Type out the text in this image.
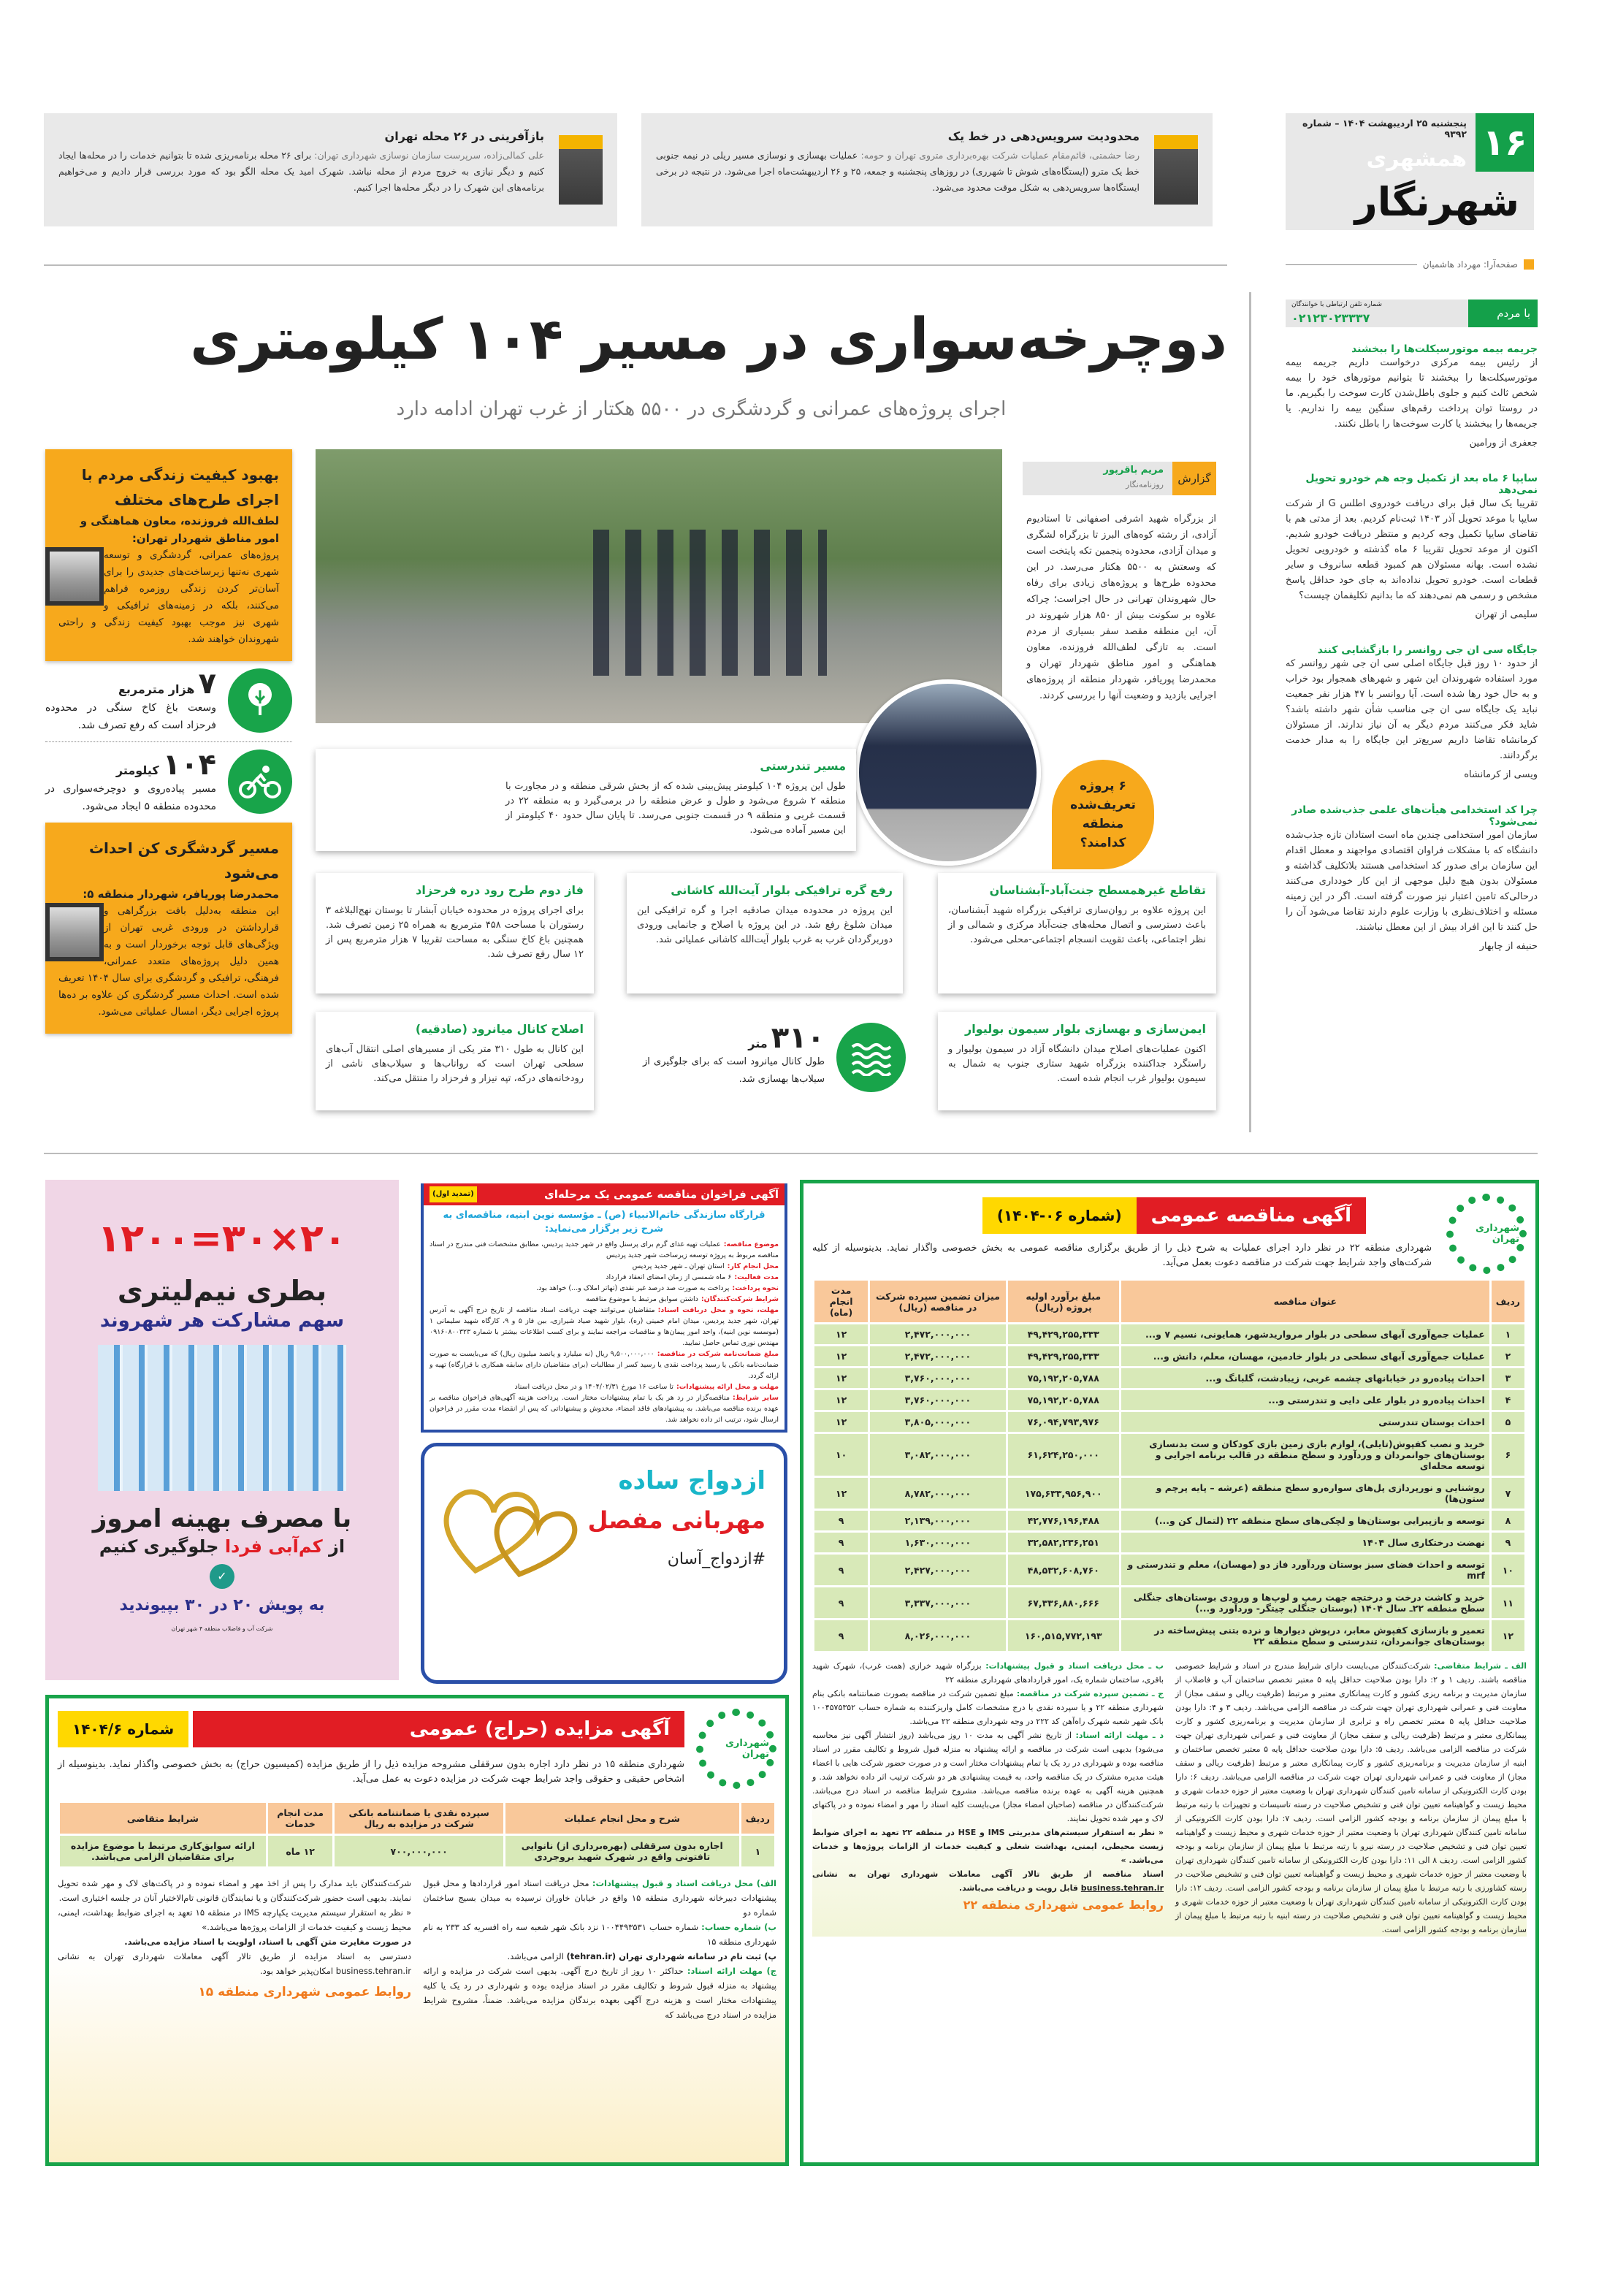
۱۶
پنجشنبه ۲۵ اردیبهشت ۱۴۰۴ – شماره ۹۳۹۲
همشهری
شهرنگار
صفحه‌آرا: مهرداد هاشمیان
محدودیت سرویس‌دهی در خط یک
رضا حشمتی، قائم‌مقام عملیات شرکت بهره‌برداری متروی تهران و حومه: عملیات بهسازی و نوسازی مسیر ریلی در نیمه جنوبی خط یک مترو (ایستگاه‌های شوش تا شهرری) در روزهای پنجشنبه و جمعه، ۲۵ و ۲۶ اردیبهشت‌ماه اجرا می‌شود. در نتیجه در برخی ایستگاه‌ها سرویس‌دهی به شکل موقت محدود می‌شود.
بازآفرینی در ۲۶ محله تهران
علی کمالی‌زاده، سرپرست سازمان نوسازی شهرداری تهران: برای ۲۶ محله برنامه‌ریزی شده تا بتوانیم خدمات را در محله‌ها ایجاد کنیم و دیگر نیازی به خروج مردم از محله نباشد. شهرک امید یک محله الگو بود که مورد بررسی قرار دادیم و می‌خواهیم برنامه‌های این شهرک را در دیگر محله‌ها اجرا کنیم.
دوچرخه‌سواری در مسیر ۱۰۴ کیلومتری
اجرای پروژه‌های عمرانی و گردشگری در ۵۵۰۰ هکتار از غرب تهران ادامه دارد
با مردم
شماره تلفن ارتباطی با خوانندگان
۰۲۱۲۳۰۲۳۳۳۷
جریمه بیمه موتورسیکلت‌ها را ببخشند
از رئیس بیمه مرکزی درخواست داریم جریمه بیمه موتورسیکلت‌ها را ببخشند تا بتوانیم موتورهای خود را بیمه شخص ثالث کنیم و جلوی باطل‌شدن کارت سوخت را بگیریم. ما در روستا توان پرداخت رقم‌های سنگین بیمه را نداریم. یا جریمه‌ها را ببخشند یا کارت سوخت‌ها را باطل نکنند.
جعفری از ورامین
سایپا ۶ ماه بعد از تکمیل وجه هم خودرو تحویل نمی‌دهد
تقریبا یک سال قبل برای دریافت خودروی اطلس G از شرکت سایپا با موعد تحویل آذر ۱۴۰۳ ثبت‌نام کردیم. بعد از مدتی هم با تقاضای سایپا تکمیل وجه کردیم و منتظر دریافت خودرو شدیم. اکنون از موعد تحویل تقریبا ۶ ماه گذشته و خودرویی تحویل نشده است. بهانه مسئولان هم کمبود قطعه سانروف و سایر قطعات است. خودرو تحویل نداده‌اند به جای خود حداقل پاسخ مشخص و رسمی هم نمی‌دهند که ما بدانیم تکلیفمان چیست؟
سلیمی از تهران
جایگاه سی ان جی روانسر را بازگشایی کنند
از حدود ۱۰ روز قبل جایگاه اصلی سی ان جی شهر روانسر که مورد استفاده شهروندان این شهر و شهرهای همجوار بود خراب و به حال خود رها شده است. آیا روانسر با ۴۷ هزار نفر جمعیت نباید یک جایگاه سی ان جی مناسب شأن شهر داشته باشد؟ شاید فکر می‌کنند مردم دیگر به آن نیاز ندارند. از مسئولان کرمانشاه تقاضا داریم سریع‌تر این جایگاه را به مدار خدمت برگردانند.
ویسی از کرمانشاه
چرا کد استخدامی هیأت‌های علمی جذب‌شده صادر نمی‌شود؟
سازمان امور استخدامی چندین ماه است استادان تازه جذب‌شده دانشگاه که با مشکلات فراوان اقتصادی مواجهند و معطل اقدام این سازمان برای صدور کد استخدامی هستند بلاتکلیف گذاشته و مسئولان بدون هیچ دلیل موجهی از این کار خودداری می‌کنند درحالی‌که تامین اعتبار نیز صورت گرفته است. اگر در این زمینه مسئله و اختلاف‌نظری با وزارت علوم دارند تقاضا می‌شود آن را حل کنند تا این افراد بیش از این معطل نباشند.
حنیفه از چابهار
بهبود کیفیت زندگی مردم با اجرای طرح‌های مختلف
لطف‌الله فروزنده، معاون هماهنگی و امور مناطق شهردار تهران:
پروژه‌های عمرانی، گردشگری و توسعه شهری نه‌تنها زیرساخت‌های جدیدی را برای آسان‌تر کردن زندگی روزمره فراهم می‌کنند، بلکه در زمینه‌های ترافیکی و شهری نیز موجب بهبود کیفیت زندگی و راحتی شهروندان خواهند شد.
۷ هزار مترمربع
وسعت باغ کاخ سنگی در محدوده فرحزاد است که رفع تصرف شد.
۱۰۴ کیلومتر
مسیر پیاده‌روی و دوچرخه‌سواری در محدوده منطقه ۵ ایجاد می‌شود.
مسیر گردشگری کن احداث می‌شود
محمدرضا پوریافر، شهردار منطقه ۵:
این منطقه به‌دلیل بافت بزرگراهی و قرارداشتن در ورودی غربی تهران از ویژگی‌های قابل توجه برخوردار است و به همین دلیل پروژه‌های متعدد عمرانی، فرهنگی، ترافیکی و گردشگری برای سال ۱۴۰۴ تعریف شده است. احداث مسیر گردشگری کن علاوه بر ده‌ها پروژه اجرایی دیگر، امسال عملیاتی می‌شود.
۶ پروژه تعریف‌شده منطقه کدامند؟
گزارش
مریم باقرپور
روزنامه‌نگار
از بزرگراه شهید اشرفی اصفهانی تا استادیوم آزادی، از رشته کوه‌های البرز تا بزرگراه لشگری و میدان آزادی، محدوده پنجمین تکه پایتخت است که وسعتش به ۵۵۰۰ هکتار می‌رسد. در این محدوده طرح‌ها و پروژه‌های زیادی برای رفاه حال شهروندان تهرانی در حال اجراست؛ چراکه علاوه بر سکونت بیش از ۸۵۰ هزار شهروند در آن، این منطقه مقصد سفر بسیاری از مردم است. به تازگی لطف‌الله فروزنده، معاون هماهنگی و امور مناطق شهردار تهران و محمدرضا پوریافر، شهردار منطقه از پروژه‌های اجرایی بازدید و وضعیت آنها را بررسی کردند.
مسیر تندرستی
طول این پروژه ۱۰۴ کیلومتر پیش‌بینی شده که از بخش شرقی منطقه و در مجاورت با منطقه ۲ شروع می‌شود و طول و عرض منطقه را در برمی‌گیرد و به منطقه ۲۲ در قسمت غربی و منطقه ۹ در قسمت جنوبی می‌رسد. تا پایان سال حدود ۴۰ کیلومتر از این مسیر آماده می‌شود.
تقاطع غیرهمسطح جنت‌آباد-آبشناسان
این پروژه علاوه بر روان‌سازی ترافیکی بزرگراه شهید آبشناسان، باعث دسترسی و اتصال محله‌های جنت‌آباد مرکزی و شمالی و از نظر اجتماعی، باعث تقویت انسجام اجتماعی-محلی می‌شود.
رفع گره ترافیکی بلوار آیت‌الله کاشانی
این پروژه در محدوده میدان صادقیه اجرا و گره ترافیکی این میدان شلوغ رفع شد. در این پروژه با اصلاح و جانمایی ورودی دوربرگردان غرب به غرب بلوار آیت‌الله کاشانی عملیاتی شد.
فاز دوم طرح رود دره فرحزاد
برای اجرای پروژه در محدوده خیابان آبشار تا بوستان نهج‌البلاغه ۳ رستوران با مساحت ۴۵۸ مترمربع به همراه ۲۵ زمین تصرف شد. همچنین باغ کاخ سنگی به مساحت تقریبا ۷ هزار مترمربع پس از ۱۲ سال رفع تصرف شد.
ایمن‌سازی و بهسازی بلوار سیمون بولیوار
اکنون عملیات‌های اصلاح میدان دانشگاه آزاد در سیمون بولیوار و راستگرد جداکننده بزرگراه شهید ستاری جنوب به شمال به سیمون بولیوار غرب انجام شده است.
اصلاح کانال میانرود (صادقیه)
این کانال به طول ۳۱۰ متر یکی از مسیرهای اصلی انتقال آب‌های سطحی تهران است که رواناب‌ها و سیلاب‌های ناشی از رودخانه‌های درکه، تپه نیزار و فرحزاد را منتقل می‌کند.
۳۱۰ متر
طول کانال میانرود است که برای جلوگیری از سیلاب‌ها بهسازی شد.
شهرداری تهران
آگهی مناقصه عمومی
(شماره ۰۶-۱۴۰۴)
شهرداری منطقه ۲۲ در نظر دارد اجرای عملیات به شرح ذیل را از طریق برگزاری مناقصه عمومی به بخش خصوصی واگذار نماید. بدینوسیله از کلیه شرکت‌های واجد شرایط جهت شرکت در مناقصه دعوت بعمل می‌آید.
ردیف	عنوان مناقصه	مبلغ برآورد اولیه پروژه (ریال)	میزان تضمین سپرده شرکت در مناقصه (ریال)	مدت انجام (ماه)
۱	عملیات جمع‌آوری آبهای سطحی در بلوار مرواریدشهر، همایونی، نسیم ۷ و...	۴۹,۴۲۹,۲۵۵,۳۳۳	۲,۴۷۲,۰۰۰,۰۰۰	۱۲
۲	عملیات جمع‌آوری آبهای سطحی در بلوار خادمین، مهسان، معلم، دانش و...	۴۹,۴۲۹,۲۵۵,۳۳۳	۲,۴۷۲,۰۰۰,۰۰۰	۱۲
۳	احداث پیاده‌رو در خیابانهای چشمه غربی، زیبادشت، گلبانگ و...	۷۵,۱۹۲,۲۰۵,۷۸۸	۳,۷۶۰,۰۰۰,۰۰۰	۱۲
۴	احداث پیاده‌رو در بلوار علی دایی و تندرستی و...	۷۵,۱۹۲,۲۰۵,۷۸۸	۳,۷۶۰,۰۰۰,۰۰۰	۱۲
۵	احداث بوستان تندرستی	۷۶,۰۹۴,۷۹۳,۹۷۶	۳,۸۰۵,۰۰۰,۰۰۰	۱۲
۶	خرید و نصب کفپوش(تایلی)، لوازم بازی زمین بازی کودکان و ست بدنسازی بوستان‌های جوانمردان و وردآورد و سطح منطقه در قالب برنامه اجرایی و توسعه محله‌ای	۶۱,۶۲۴,۲۵۰,۰۰۰	۳,۰۸۲,۰۰۰,۰۰۰	۱۰
۷	روشنایی و نورپردازی پل‌های سواره‌رو سطح منطقه (عرشه – پایه پرچم و ستون‌ها)	۱۷۵,۶۳۳,۹۵۶,۹۰۰	۸,۷۸۲,۰۰۰,۰۰۰	۱۲
۸	توسعه و بازپیرایی بوستان‌ها و لچکی‌های سطح منطقه ۲۲ (لتمال کن و...)	۴۲,۷۷۶,۱۹۶,۴۸۸	۲,۱۳۹,۰۰۰,۰۰۰	۹
۹	نهضت درختکاری سال ۱۴۰۴	۳۲,۵۸۲,۲۳۶,۲۵۱	۱,۶۳۰,۰۰۰,۰۰۰	۹
۱۰	توسعه و احداث فضای سبز بوستان وردآورد فاز دو (مهسان)، معلم و تندرستی و mrf	۴۸,۵۳۲,۶۰۸,۷۶۰	۲,۴۲۷,۰۰۰,۰۰۰	۹
۱۱	خرید و کاشت درخت و درختچه جهت رمپ و لوپ‌ها و ورودی بوستان‌های جنگلی سطح منطقه ۲۲ـ سال ۱۴۰۴ (بوستان جنگلی چیتگر- وردآورد و...)	۶۷,۳۳۶,۸۸۰,۶۶۶	۳,۳۳۷,۰۰۰,۰۰۰	۹
۱۲	تعمیر و بازسازی کفپوش معابر، درپوش دیوارها و نرده بتنی پیش‌ساخته در بوستان‌های جوانمردان، تندرستی و سطح منطقه ۲۲	۱۶۰,۵۱۵,۷۷۲,۱۹۳	۸,۰۲۶,۰۰۰,۰۰۰	۹
الف ـ شرایط متقاضی: شرکت‌کنندگان می‌بایست دارای شرایط مندرج در اسناد و شرایط خصوصی مناقصه باشند. ردیف ۱ و ۲: دارا بودن صلاحیت حداقل پایه ۵ معتبر تخصص ساختمان آب و فاضلاب از سازمان مدیریت و برنامه ریزی کشور و کارت پیمانکاری معتبر و مرتبط (ظرفیت ریالی و سقف مجاز) از معاونت فنی و عمرانی شهرداری تهران جهت شرکت در مناقصه الزامی می‌باشد. ردیف ۳ و ۴: دارا بودن صلاحیت حداقل پایه ۵ معتبر تخصص راه و ترابری از سازمان مدیریت و برنامه‌ریزی کشور و کارت پیمانکاری معتبر و مرتبط (ظرفیت ریالی و سقف مجاز) از معاونت فنی و عمرانی شهرداری تهران جهت شرکت در مناقصه الزامی می‌باشد. ردیف ۵: دارا بودن صلاحیت حداقل پایه ۵ معتبر تخصص ساختمان و ابنیه از سازمان مدیریت و برنامه‌ریزی کشور و کارت پیمانکاری معتبر و مرتبط (ظرفیت ریالی و سقف مجاز) از معاونت فنی و عمرانی شهرداری تهران جهت شرکت در مناقصه الزامی می‌باشد. ردیف ۶: دارا بودن کارت الکترونیکی از سامانه تامین کنندگان شهرداری تهران با وضعیت معتبر از حوزه خدمات شهری و محیط زیست و گواهینامه تعیین توان فنی و تشخیص صلاحیت در رسته تاسیسات و تجهیزات با رتبه مرتبط با مبلغ پیمان از سازمان برنامه و بودجه کشور الزامی است. ردیف ۷: دارا بودن کارت الکترونیکی از سامانه تامین کنندگان شهرداری تهران با وضعیت معتبر از حوزه خدمات شهری و محیط زیست و گواهینامه تعیین توان فنی و تشخیص صلاحیت در رسته نیرو با رتبه مرتبط با مبلغ پیمان از سازمان برنامه و بودجه کشور الزامی است. ردیف ۸ الی ۱۱: دارا بودن کارت الکترونیکی از سامانه تامین کنندگان شهرداری تهران با وضعیت معتبر از حوزه خدمات شهری و محیط زیست و گواهینامه تعیین توان فنی و تشخیص صلاحیت در رسته کشاورزی با رتبه مرتبط با مبلغ پیمان از سازمان برنامه و بودجه کشور الزامی است. ردیف ۱۲: دارا بودن کارت الکترونیکی از سامانه تامین کنندگان شهرداری تهران با وضعیت معتبر از حوزه خدمات شهری و محیط زیست و گواهینامه تعیین توان فنی و تشخیص صلاحیت در رسته ابنیه با رتبه مرتبط با مبلغ پیمان از سازمان برنامه و بودجه کشور الزامی است.
ب ـ محل دریافت اسناد و قبول پیشنهادات: بزرگراه شهید خرازی (همت غرب)، شهرک شهید باقری، ساختمان شماره یک، امور قراردادهای شهرداری منطقه ۲۲
ج ـ تضمین سپرده شرکت در مناقصه: مبلغ تضمین شرکت در مناقصه بصورت ضمانتنامه بانکی بنام شهرداری منطقه ۲۲ و یا سپرده نقدی با درج مشخصات کامل واریزکننده به شماره حساب ۱۰۰۴۵۷۵۳۵۲ بانک شهر شعبه شهرک راه‌آهن کد ۲۲۲ در وجه شهرداری منطقه ۲۲ می‌باشد.
د ـ مهلت ارائه اسناد: از تاریخ نشر آگهی به مدت ۱۰ روز می‌باشد (روز انتشار آگهی نیز محاسبه می‌شود) بدیهی است شرکت در مناقصه و ارائه پیشنهاد به منزله قبول شروط و تکالیف مقرر در اسناد مناقصه بوده و شهرداری در رد یک یا تمام پیشنهادات مختار است و در صورت حضور شرکت هایی با اعضاء هیئت مدیره مشترک در یک مناقصه واحد، به قیمت پیشنهادی هر دو شرکت ترتیب اثر داده نخواهد شد. و همچنین هزینه آگهی به عهده برنده مناقصه می‌باشد. مشروح شرایط مناقصه در اسناد درج می‌باشد. شرکت‌کنندگان در مناقصه (صاحبان امضاء مجاز) می‌بایست کلیه اسناد را مهر و امضاء نموده و در پاکتهای لاک و مهر شده تحویل نمایند.
« نظر به استقرار سیستم‌های مدیریتی IMS و HSE در منطقه ۲۲ تعهد به اجرای ضوابط زیست محیطی، ایمنی، بهداشت شغلی و کیفیت خدمات از الزامات پروژه‌ها و خدمات می‌باشد. »
اسناد مناقصه از طریق تالار آگهی معاملات شهرداری تهران به نشانی business.tehran.ir قابل رویت و دریافت می‌باشد.
روابط عمومی شهرداری منطقه ۲۲
۱۲۰۰=۳۰×۲۰
بطری نیم‌لیتری
سهم مشارکت هر شهروند
با مصرف بهینه امروز
از کم‌آبی فردا جلوگیری کنیم
✓
به پویش ۲۰ در ۳۰ بپیوندید
شرکت آب و فاضلاب منطقه ۴ شهر تهران
آگهی فراخوان مناقصه عمومی یک مرحله‌ای
(تمدید اول)
قرارگاه سازندگی خاتم‌الانبیاء (ص) ـ مؤسسه نوین ابنیه، مناقصه‌ای به شرح زیر برگزار می‌نماید:
موضوع مناقصه:عملیات تهیه غذای گرم برای پرسنل واقع در شهر جدید پردیس، مطابق مشخصات فنی مندرج در اسناد مناقصه مربوط به پروژه توسعه زیرساخت شهر جدید پردیس
محل انجام کار:استان تهران ـ شهر جدید پردیس
مدت فعالیت:۶ ماه شمسی از زمان امضای انعقاد قرارداد
نحوه پرداخت:پرداخت به صورت صد درصد غیر نقدی (تهاتر املاک و...) خواهد بود.
شرایط شرکت‌کنندگان:داشتن سوابق مرتبط با موضوع مناقصه
مهلت، نحوه و محل دریافت اسناد:متقاضیان می‌توانند جهت دریافت اسناد مناقصه از تاریخ درج آگهی به آدرس تهران، شهر جدید پردیس، میدان امام خمینی (ره)، بلوار شهید صیاد شیرازی، بین فاز ۵ و ۹، کارگاه شهید سلیمانی ۱ (موسسه نوین ابنیه)، واحد امور پیمان‌ها و مناقصات مراجعه نمایند و برای کسب اطلاعات بیشتر با شماره ۰۹۱۶۰۸۰۰۳۲۳ مهندس نوری تماس حاصل نمایید.
مبلغ ضمانت‌نامه شرکت در مناقصه:۹,۵۰۰,۰۰۰,۰۰۰ ریال (نه میلیارد و پانصد میلیون ریال) که می‌بایست به صورت ضمانت‌نامه بانکی یا رسید پرداخت نقدی یا رسید کسر از مطالبات (برای متقاضیان دارای سابقه همکاری با قرارگاه) تهیه و ارائه گردد.
مهلت و محل ارائه پیشنهادات:تا ساعت ۱۶ مورخ ۱۴۰۴/۰۲/۳۱ و در محل دریافت اسناد
سایر شرایط:مناقصه‌گزار در رد هر یک یا تمام پیشنهادات مختار است. پرداخت هزینه آگهی‌های فراخوان مناقصه بر عهده برنده مناقصه می‌باشد. به پیشنهادهای فاقد امضاء، مخدوش و پیشنهاداتی که پس از انقضاء مدت مقرر در فراخوان ارسال شود، ترتیب اثر داده نخواهد شد.
ازدواج ساده
مهربانی مفصل
#ازدواج_آسان
شهرداری تهران
آگهی مزایده (حراج) عمومی
شماره ۱۴۰۴/۶
شهرداری منطقه ۱۵ در نظر دارد اجاره بدون سرقفلی مشروحه مزایده ذیل را از طریق مزایده (کمیسیون حراج) به بخش خصوصی واگذار نماید. بدینوسیله از اشخاص حقیقی و حقوقی واجد شرایط جهت شرکت در مزایده دعوت به عمل می‌آید.
ردیف	شرح و محل انجام عملیات	سپرده نقدی یا ضمانتنامه بانکی شرکت در مزایده به ریال	مدت انجام خدمات	شرایط متقاضی
۱	اجاره بدون سرقفلی (بهره‌برداری از) نانوایی تافتونی واقع در شهرک شهید بروجردی	۷۰۰,۰۰۰,۰۰۰	۱۲ ماه	ارائه سوابق‌کاری مرتبط با موضوع مزایده برای متقاضیان الزامی می‌باشد.
الف) محل دریافت اسناد و قبول پیشنهادات: محل دریافت اسناد امور قراردادها و محل قبول پیشنهادات دبیرخانه شهرداری منطقه ۱۵ واقع در خیابان خاوران نرسیده به میدان بسیج ساختمان شماره دو
ب) شماره حساب: شماره حساب ۱۰۰۴۴۹۳۵۳۱ نزد بانک شهر شعبه سه راه افسریه کد ۲۳۳ به نام شهرداری منطقه ۱۵
پ) ثبت نام در سامانه شهرداری تهران (tehran.ir) الزامی می‌باشد.
ج) مهلت ارائه اسناد: حداکثر ۱۰ روز از تاریخ درج آگهی. بدیهی است شرکت در مزایده و ارائه پیشنهاد به منزله قبول شروط و تکالیف مقرر در اسناد مزایده بوده و شهرداری در رد یک یا کلیه پیشنهادات مختار است و هزینه درج آگهی بعهده برندگان مزایده می‌باشد. ضمناً، مشروح شرایط مزایده در اسناد درج می‌باشد که
شرکت‌کنندگان باید مدارک را پس از اخذ مهر و امضاء نموده و در پاکت‌های لاک و مهر شده تحویل نمایند. بدیهی است حضور شرکت‌کنندگان و یا نمایندگان قانونی تام‌الاختیار آنان در جلسه اختیاری است.
« نظر به استقرار سیستم مدیریت یکپارچه IMS در منطقه ۱۵ تعهد به اجرای ضوابط بهداشت، ایمنی، محیط زیست و کیفیت خدمات از الزامات پروژه‌ها می‌باشد.»
در صورت مغایرت متن آگهی با اسناد، اولویت با اسناد مزایده می‌باشد.
دسترسی به اسناد مزایده از طریق تالار آگهی معاملات شهرداری تهران به نشانی business.tehran.ir امکان‌پذیر خواهد بود.
روابط عمومی شهرداری منطقه ۱۵
